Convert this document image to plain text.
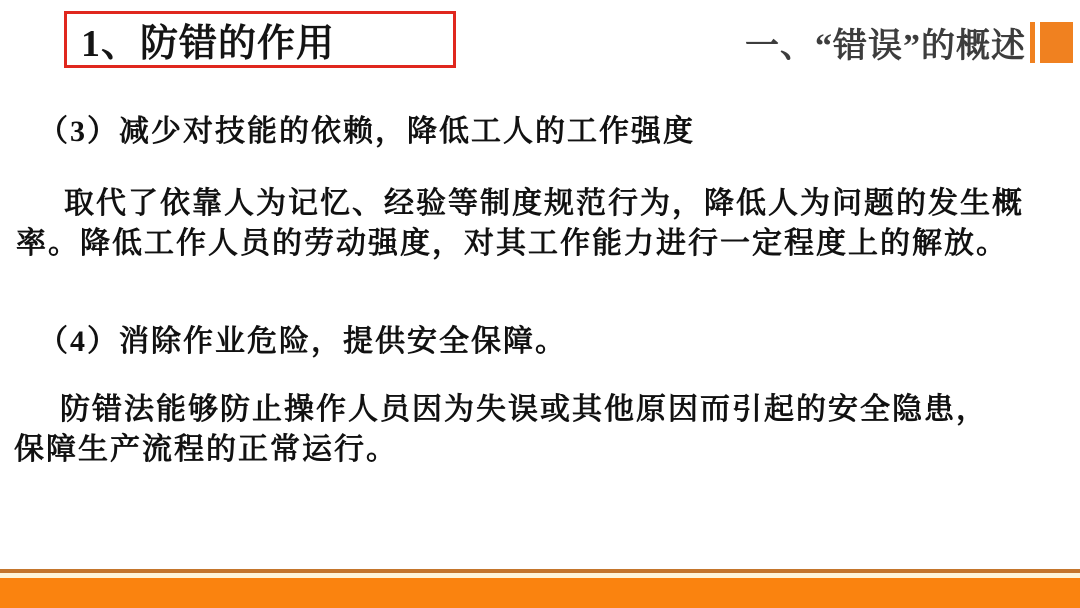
1、防错的作用	一、“错误”的概述
（3）减少对技能的依赖，降低工人的工作强度
取代了依靠人为记忆、经验等制度规范行为，降低人为问题的发生概
率。降低工作人员的劳动强度，对其工作能力进行一定程度上的解放。
（4）消除作业危险，提供安全保障。
防错法能够防止操作人员因为失误或其他原因而引起的安全隐患，
保障生产流程的正常运行。
